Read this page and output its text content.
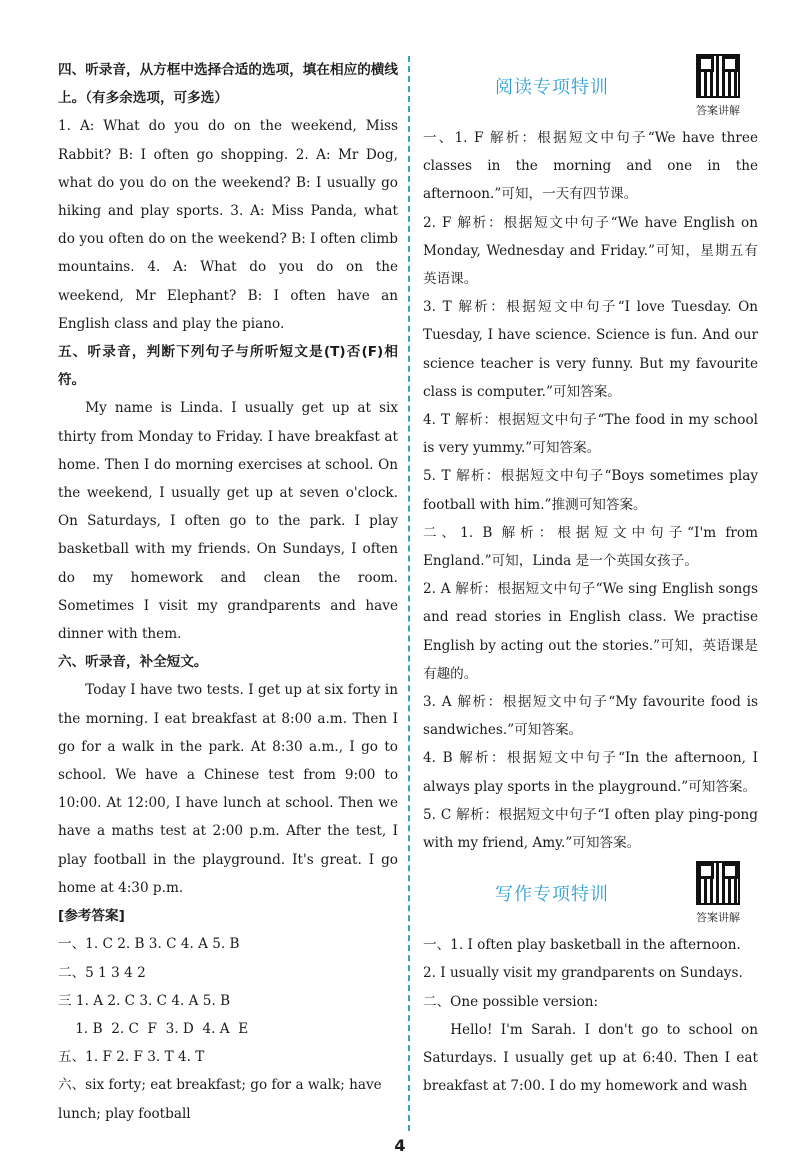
四、听录音，从方框中选择合适的选项，填在相应的横线上。（有多余选项，可多选）

1. A: What do you do on the weekend, Miss Rabbit? B: I often go shopping. 2. A: Mr Dog, what do you do on the weekend? B: I usually go hiking and play sports. 3. A: Miss Panda, what do you often do on the weekend? B: I often climb mountains. 4. A: What do you do on the weekend, Mr Elephant? B: I often have an English class and play the piano.

五、听录音，判断下列句子与所听短文是(T)否(F)相符。

My name is Linda. I usually get up at six thirty from Monday to Friday. I have breakfast at home. Then I do morning exercises at school. On the weekend, I usually get up at seven o'clock. On Saturdays, I often go to the park. I play basketball with my friends. On Sundays, I often do my homework and clean the room. Sometimes I visit my grandparents and have dinner with them.

六、听录音，补全短文。

Today I have two tests. I get up at six forty in the morning. I eat breakfast at 8:00 a.m. Then I go for a walk in the park. At 8:30 a.m., I go to school. We have a Chinese test from 9:00 to 10:00. At 12:00, I have lunch at school. Then we have a maths test at 2:00 p.m. After the test, I play football in the playground. It's great. I go home at 4:30 p.m.

[参考答案]
一、1. C 2. B 3. C 4. A 5. B
二、5 1 3 4 2
三 1. A 2. C 3. C 4. A 5. B
1. B  2. C  F  3. D  4. A  E
五、1. F 2. F 3. T 4. T
六、six forty; eat breakfast; go for a walk; have lunch; play football
阅读专项特训
答案讲解

一、1. F 解析：根据短文中句子“We have three classes in the morning and one in the afternoon.”可知，一天有四节课。

2. F 解析：根据短文中句子“We have English on Monday, Wednesday and Friday.”可知，星期五有英语课。

3. T 解析：根据短文中句子“I love Tuesday. On Tuesday, I have science. Science is fun. And our science teacher is very funny. But my favourite class is computer.”可知答案。

4. T 解析：根据短文中句子“The food in my school is very yummy.”可知答案。

5. T 解析：根据短文中句子“Boys sometimes play football with him.”推测可知答案。

二、1. B 解析：根据短文中句子“I'm from England.”可知，Linda 是一个英国女孩子。

2. A 解析：根据短文中句子“We sing English songs and read stories in English class. We practise English by acting out the stories.”可知，英语课是有趣的。

3. A 解析：根据短文中句子“My favourite food is sandwiches.”可知答案。

4. B 解析：根据短文中句子“In the afternoon, I always play sports in the playground.”可知答案。

5. C 解析：根据短文中句子“I often play ping-pong with my friend, Amy.”可知答案。

写作专项特训
答案讲解

一、1. I often play basketball in the afternoon.

2. I usually visit my grandparents on Sundays.

二、One possible version:

Hello! I'm Sarah. I don't go to school on Saturdays. I usually get up at 6:40. Then I eat breakfast at 7:00. I do my homework and wash

4
